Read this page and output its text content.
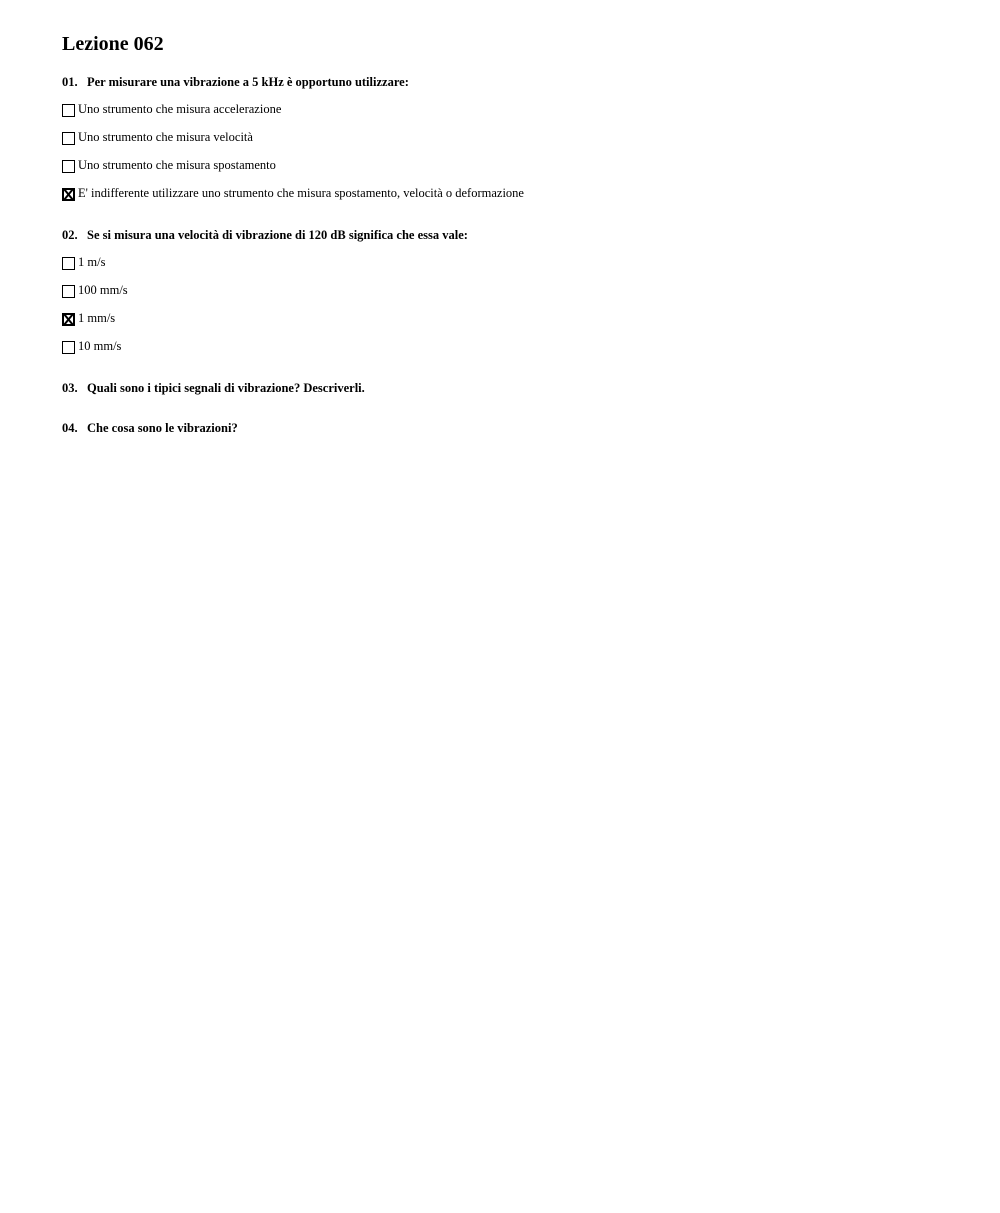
Lezione 062
01. Per misurare una vibrazione a 5 kHz è opportuno utilizzare:
Uno strumento che misura accelerazione
Uno strumento che misura velocità
Uno strumento che misura spostamento
E' indifferente utilizzare uno strumento che misura spostamento, velocità o deformazione
02. Se si misura una velocità di vibrazione di 120 dB significa che essa vale:
1 m/s
100 mm/s
1 mm/s
10 mm/s
03. Quali sono i tipici segnali di vibrazione? Descriverli.
04. Che cosa sono le vibrazioni?
